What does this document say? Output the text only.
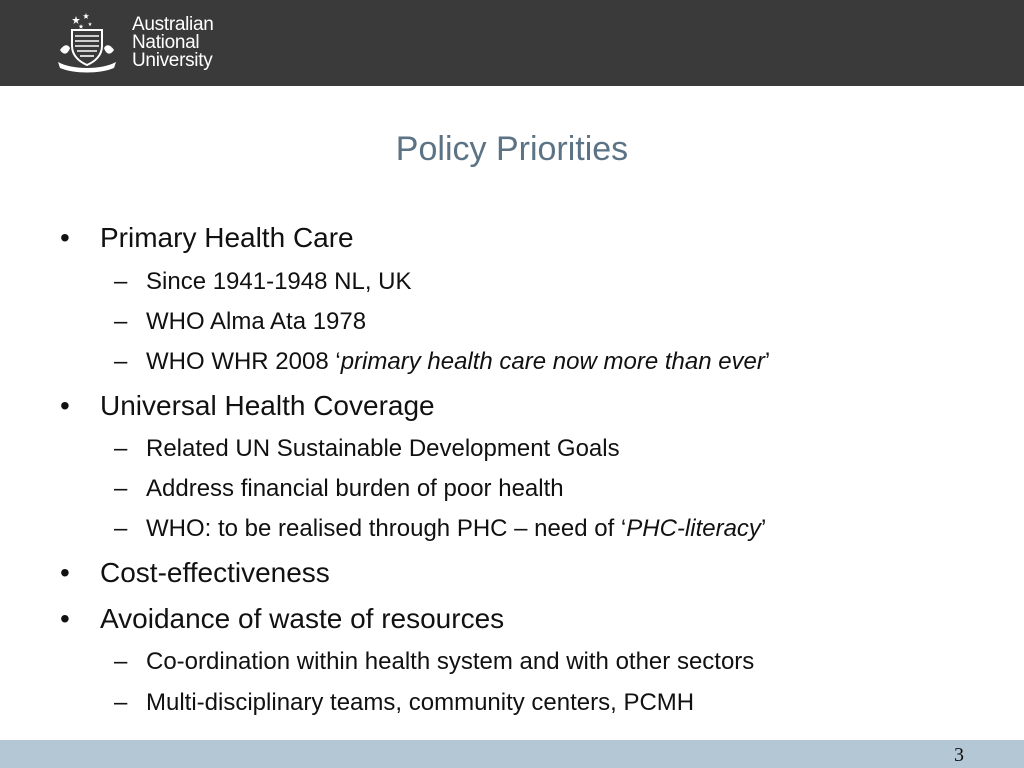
Australian
National
University
Policy Priorities
•	Primary Health Care
– Since 1941-1948 NL, UK
– WHO Alma Ata 1978
– WHO WHR 2008 ‘primary health care now more than ever’
•	Universal Health Coverage
– Related UN Sustainable Development Goals
– Address financial burden of poor health
– WHO: to be realised through PHC – need of ‘PHC-literacy’
•	Cost-effectiveness
•	Avoidance of waste of resources
– Co-ordination within health system and with other sectors
– Multi-disciplinary teams, community centers, PCMH
3
